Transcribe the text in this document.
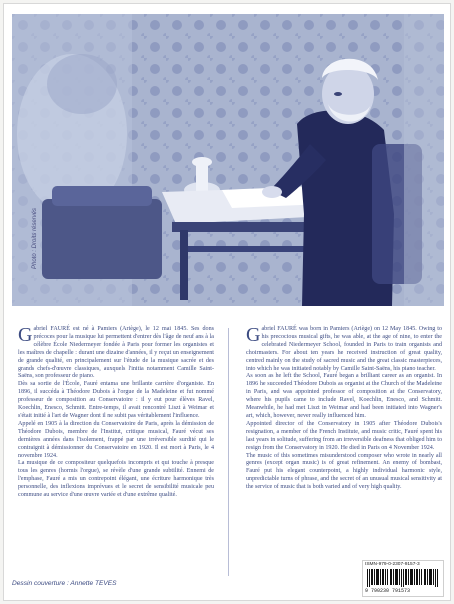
Photo : Droits réservés

Gabriel FAURÉ est né à Pamiers (Ariège), le 12 mai 1845. Ses dons précoces pour la musique lui permettent d'entrer dès l'âge de neuf ans à la célèbre École Niedermeyer fondée à Paris pour former les organistes et les maîtres de chapelle : durant une dizaine d'années, il y reçut un enseignement de grande qualité, en principalement sur l'étude de la musique sacrée et des grands chefs-d'œuvre classiques, auxquels l'initia notamment Camille Saint-Saëns, son professeur de piano.

Dès sa sortie de l'École, Fauré entama une brillante carrière d'organiste. En 1896, il succéda à Théodore Dubois à l'orgue de la Madeleine et fut nommé professeur de composition au Conservatoire : il y eut pour élèves Ravel, Koechlin, Enesco, Schmitt. Entre-temps, il avait rencontré Liszt à Weimar et s'était initié à l'art de Wagner dont il ne subit pas véritablement l'influence.

Appelé en 1905 à la direction du Conservatoire de Paris, après la démission de Théodore Dubois, membre de l'Institut, critique musical, Fauré vécut ses dernières années dans l'isolement, frappé par une irréversible surdité qui le contraignit à démissionner du Conservatoire en 1920. Il est mort à Paris, le 4 novembre 1924.

La musique de ce compositeur quelquefois incompris et qui touche à presque tous les genres (hormis l'orgue), se révèle d'une grande subtilité. Ennemi de l'emphase, Fauré a mis un contrepoint élégant, une écriture harmonique très personnelle, des inflexions imprévues et le secret de sensibilité musicale peu commune au service d'une œuvre variée et d'une extrême qualité.

Gabriel FAURÉ was born in Pamiers (Ariège) on 12 May 1845. Owing to his precocious musical gifts, he was able, at the age of nine, to enter the celebrated Niedermeyer School, founded in Paris to train organists and choirmasters. For about ten years he received instruction of great quality, centred mainly on the study of sacred music and the great classic masterpieces, into which he was initiated notably by Camille Saint-Saëns, his piano teacher.

As soon as he left the School, Fauré began a brilliant career as an organist. In 1896 he succeeded Théodore Dubois as organist at the Church of the Madeleine in Paris, and was appointed professor of composition at the Conservatory, where his pupils came to include Ravel, Koechlin, Enesco, and Schmitt. Meanwhile, he had met Liszt in Weimar and had been initiated into Wagner's art, which, however, never really influenced him.

Appointed director of the Conservatory in 1905 after Théodore Dubois's resignation, a member of the French Institute, and music critic, Fauré spent his last years in solitude, suffering from an irreversible deafness that obliged him to resign from the Conservatory in 1920. He died in Paris on 4 November 1924.

The music of this sometimes misunderstood composer who wrote in nearly all genres (except organ music) is of great refinement. An enemy of bombast, Fauré put his elegant counterpoint, a highly individual harmonic style, unpredictable turns of phrase, and the secret of an unusual musical sensitivity at the service of music that is both varied and of very high quality.

Dessin couverture : Annette TEVES
ISMN-979-0-2307-9157-3
9 790230 791573
